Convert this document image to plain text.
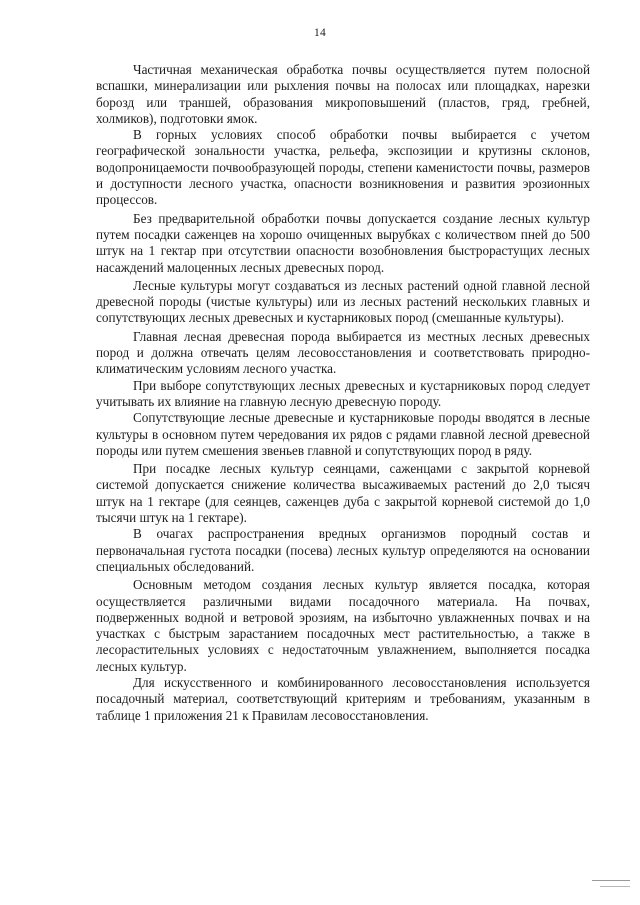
14

Частичная механическая обработка почвы осуществляется путем полосной вспашки, минерализации или рыхления почвы на полосах или площадках, нарезки борозд или траншей, образования микроповышений (пластов, гряд, гребней, холмиков), подготовки ямок.

В горных условиях способ обработки почвы выбирается с учетом географической зональности участка, рельефа, экспозиции и крутизны склонов, водопроницаемости почвообразующей породы, степени каменистости почвы, размеров и доступности лесного участка, опасности возникновения и развития эрозионных процессов.

Без предварительной обработки почвы допускается создание лесных культур путем посадки саженцев на хорошо очищенных вырубках с количеством пней до 500 штук на 1 гектар при отсутствии опасности возобновления быстрорастущих лесных насаждений малоценных лесных древесных пород.

Лесные культуры могут создаваться из лесных растений одной главной лесной древесной породы (чистые культуры) или из лесных растений нескольких главных и сопутствующих лесных древесных и кустарниковых пород (смешанные культуры).

Главная лесная древесная порода выбирается из местных лесных древесных пород и должна отвечать целям лесовосстановления и соответствовать природно-климатическим условиям лесного участка.

При выборе сопутствующих лесных древесных и кустарниковых пород следует учитывать их влияние на главную лесную древесную породу.

Сопутствующие лесные древесные и кустарниковые породы вводятся в лесные культуры в основном путем чередования их рядов с рядами главной лесной древесной породы или путем смешения звеньев главной и сопутствующих пород в ряду.

При посадке лесных культур сеянцами, саженцами с закрытой корневой системой допускается снижение количества высаживаемых растений до 2,0 тысяч штук на 1 гектаре (для сеянцев, саженцев дуба с закрытой корневой системой до 1,0 тысячи штук на 1 гектаре).

В очагах распространения вредных организмов породный состав и первоначальная густота посадки (посева) лесных культур определяются на основании специальных обследований.

Основным методом создания лесных культур является посадка, которая осуществляется различными видами посадочного материала. На почвах, подверженных водной и ветровой эрозиям, на избыточно увлажненных почвах и на участках с быстрым зарастанием посадочных мест растительностью, а также в лесорастительных условиях с недостаточным увлажнением, выполняется посадка лесных культур.

Для искусственного и комбинированного лесовосстановления используется посадочный материал, соответствующий критериям и требованиям, указанным в таблице 1 приложения 21 к Правилам лесовосстановления.
